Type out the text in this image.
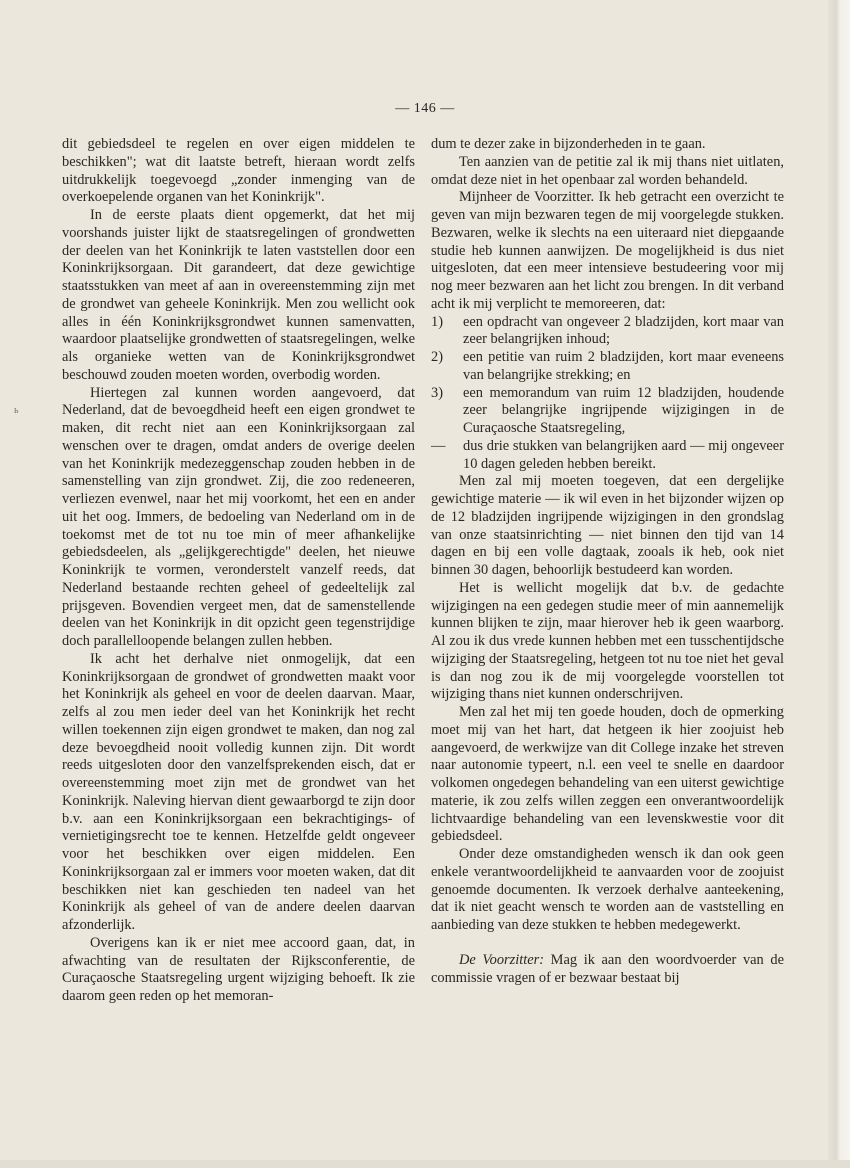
— 146 —
ь

dit gebiedsdeel te regelen en over eigen middelen te beschikken"; wat dit laatste betreft, hieraan wordt zelfs uitdrukkelijk toegevoegd „zonder inmenging van de overkoepelende organen van het Koninkrijk".

In de eerste plaats dient opgemerkt, dat het mij voorshands juister lijkt de staatsregelingen of grondwetten der deelen van het Koninkrijk te laten vaststellen door een Koninkrijksorgaan. Dit garandeert, dat deze gewichtige staatsstukken van meet af aan in overeenstemming zijn met de grondwet van geheele Koninkrijk. Men zou wellicht ook alles in één Koninkrijksgrondwet kunnen samenvatten, waardoor plaatselijke grondwetten of staatsregelingen, welke als organieke wetten van de Koninkrijksgrondwet beschouwd zouden moeten worden, overbodig worden.

Hiertegen zal kunnen worden aangevoerd, dat Nederland, dat de bevoegdheid heeft een eigen grondwet te maken, dit recht niet aan een Koninkrijksorgaan zal wenschen over te dragen, omdat anders de overige deelen van het Koninkrijk medezeggenschap zouden hebben in de samenstelling van zijn grondwet. Zij, die zoo redeneeren, verliezen evenwel, naar het mij voorkomt, het een en ander uit het oog. Immers, de bedoeling van Nederland om in de toekomst met de tot nu toe min of meer afhankelijke gebiedsdeelen, als „gelijkgerechtigde" deelen, het nieuwe Koninkrijk te vormen, veronderstelt vanzelf reeds, dat Nederland bestaande rechten geheel of gedeeltelijk zal prijsgeven. Bovendien vergeet men, dat de samenstellende deelen van het Koninkrijk in dit opzicht geen tegenstrijdige doch parallelloopende belangen zullen hebben.

Ik acht het derhalve niet onmogelijk, dat een Koninkrijksorgaan de grondwet of grondwetten maakt voor het Koninkrijk als geheel en voor de deelen daarvan. Maar, zelfs al zou men ieder deel van het Koninkrijk het recht willen toekennen zijn eigen grondwet te maken, dan nog zal deze bevoegdheid nooit volledig kunnen zijn. Dit wordt reeds uitgesloten door den vanzelfsprekenden eisch, dat er overeenstemming moet zijn met de grondwet van het Koninkrijk. Naleving hiervan dient gewaarborgd te zijn door b.v. aan een Koninkrijksorgaan een bekrachtigings- of vernietigingsrecht toe te kennen. Hetzelfde geldt ongeveer voor het beschikken over eigen middelen. Een Koninkrijksorgaan zal er immers voor moeten waken, dat dit beschikken niet kan geschieden ten nadeel van het Koninkrijk als geheel of van de andere deelen daarvan afzonderlijk.

Overigens kan ik er niet mee accoord gaan, dat, in afwachting van de resultaten der Rijksconferentie, de Curaçaosche Staatsregeling urgent wijziging behoeft. Ik zie daarom geen reden op het memoran-

dum te dezer zake in bijzonderheden in te gaan.

Ten aanzien van de petitie zal ik mij thans niet uitlaten, omdat deze niet in het openbaar zal worden behandeld.

Mijnheer de Voorzitter. Ik heb getracht een overzicht te geven van mijn bezwaren tegen de mij voorgelegde stukken. Bezwaren, welke ik slechts na een uiteraard niet diepgaande studie heb kunnen aanwijzen. De mogelijkheid is dus niet uitgesloten, dat een meer intensieve bestudeering voor mij nog meer bezwaren aan het licht zou brengen. In dit verband acht ik mij verplicht te memoreeren, dat:

1)	een opdracht van ongeveer 2 bladzijden, kort maar van zeer belangrijken inhoud;
2)	een petitie van ruim 2 bladzijden, kort maar eveneens van belangrijke strekking; en
3)	een memorandum van ruim 12 bladzijden, houdende zeer belangrijke ingrijpende wijzigingen in de Curaçaosche Staatsregeling,
—	dus drie stukken van belangrijken aard — mij ongeveer 10 dagen geleden hebben bereikt.

Men zal mij moeten toegeven, dat een dergelijke gewichtige materie — ik wil even in het bijzonder wijzen op de 12 bladzijden ingrijpende wijzigingen in den grondslag van onze staatsinrichting — niet binnen den tijd van 14 dagen en bij een volle dagtaak, zooals ik heb, ook niet binnen 30 dagen, behoorlijk bestudeerd kan worden.

Het is wellicht mogelijk dat b.v. de gedachte wijzigingen na een gedegen studie meer of min aannemelijk kunnen blijken te zijn, maar hierover heb ik geen waarborg. Al zou ik dus vrede kunnen hebben met een tusschentijdsche wijziging der Staatsregeling, hetgeen tot nu toe niet het geval is dan nog zou ik de mij voorgelegde voorstellen tot wijziging thans niet kunnen onderschrijven.

Men zal het mij ten goede houden, doch de opmerking moet mij van het hart, dat hetgeen ik hier zoojuist heb aangevoerd, de werkwijze van dit College inzake het streven naar autonomie typeert, n.l. een veel te snelle en daardoor volkomen ongedegen behandeling van een uiterst gewichtige materie, ik zou zelfs willen zeggen een onverantwoordelijk lichtvaardige behandeling van een levenskwestie voor dit gebiedsdeel.

Onder deze omstandigheden wensch ik dan ook geen enkele verantwoordelijkheid te aanvaarden voor de zoojuist genoemde documenten. Ik verzoek derhalve aanteekening, dat ik niet geacht wensch te worden aan de vaststelling en aanbieding van deze stukken te hebben medegewerkt.

De Voorzitter: Mag ik aan den woordvoerder van de commissie vragen of er bezwaar bestaat bij
